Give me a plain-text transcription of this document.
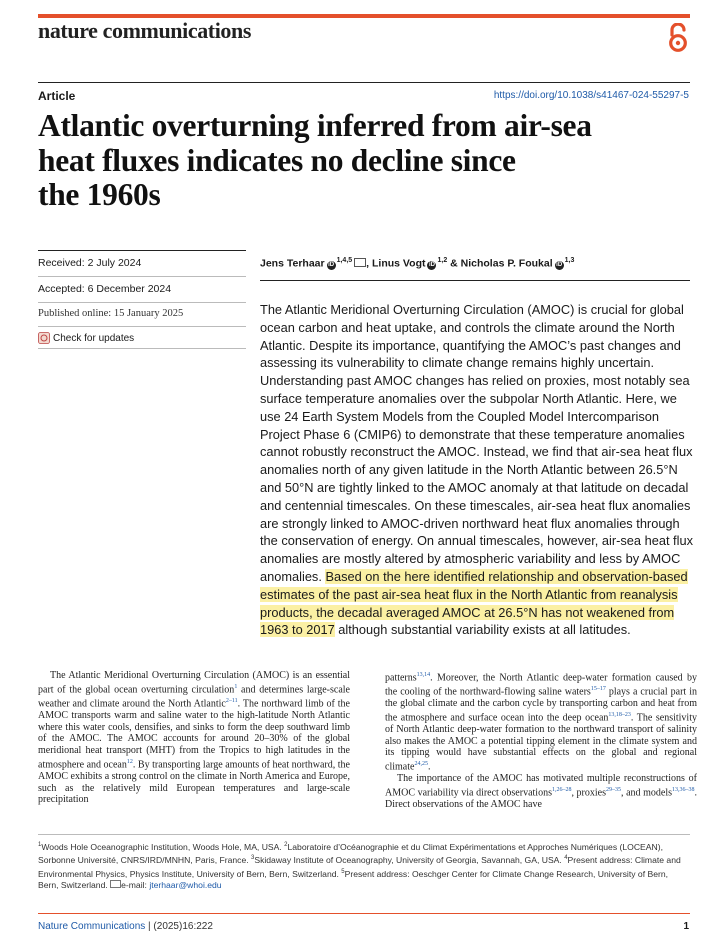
nature communications
Article	https://doi.org/10.1038/s41467-024-55297-5
Atlantic overturning inferred from air-sea
heat fluxes indicates no decline since
the 1960s
Received: 2 July 2024
Accepted: 6 December 2024
Published online: 15 January 2025
Check for updates
Jens Terhaar iD$^{1,4,5}$ , Linus Vogt iD$^{1,2}$ & Nicholas P. Foukal iD$^{1,3}$
The Atlantic Meridional Overturning Circulation (AMOC) is crucial for global ocean carbon and heat uptake, and controls the climate around the North Atlantic. Despite its importance, quantifying the AMOC’s past changes and assessing its vulnerability to climate change remains highly uncertain. Understanding past AMOC changes has relied on proxies, most notably sea surface temperature anomalies over the subpolar North Atlantic. Here, we use 24 Earth System Models from the Coupled Model Intercomparison Project Phase 6 (CMIP6) to demonstrate that these temperature anomalies cannot robustly reconstruct the AMOC. Instead, we find that air-sea heat flux anomalies north of any given latitude in the North Atlantic between 26.5°N and 50°N are tightly linked to the AMOC anomaly at that latitude on decadal and centennial timescales. On these timescales, air-sea heat flux anomalies are strongly linked to AMOC-driven northward heat flux anomalies through the conservation of energy. On annual timescales, however, air-sea heat flux anomalies are mostly altered by atmospheric variability and less by AMOC anomalies. Based on the here identified relationship and observation-based estimates of the past air-sea heat flux in the North Atlantic from reanalysis products, the decadal averaged AMOC at 26.5°N has not weakened from 1963 to 2017 although substantial variability exists at all latitudes.

The Atlantic Meridional Overturning Circulation (AMOC) is an essential part of the global ocean overturning circulation$^1$ and determines large-scale weather and climate around the North Atlantic$^{2-11}$. The northward limb of the AMOC transports warm and saline water to the high-latitude North Atlantic where this water cools, densifies, and sinks to form the deep southward limb of the AMOC. The AMOC accounts for around 20–30% of the global meridional heat transport (MHT) from the Tropics to high latitudes in the atmosphere and ocean$^{12}$. By transporting large amounts of heat northward, the AMOC exhibits a strong control on the climate in North America and Europe, such as the relatively mild European temperatures and large-scale precipitation

patterns$^{13,14}$. Moreover, the North Atlantic deep-water formation caused by the cooling of the northward-flowing saline waters$^{15-17}$ plays a crucial part in the global climate and the carbon cycle by transporting carbon and heat from the atmosphere and surface ocean into the deep ocean$^{13,18-23}$. The sensitivity of North Atlantic deep-water formation to the northward transport of salinity also makes the AMOC a potential tipping element in the climate system and its tipping would have substantial effects on the global and regional climate$^{24,25}$.

The importance of the AMOC has motivated multiple reconstructions of AMOC variability via direct observations$^{1,26-28}$, proxies$^{29-35}$, and models$^{13,36-38}$. Direct observations of the AMOC have

$^1$Woods Hole Oceanographic Institution, Woods Hole, MA, USA. $^2$Laboratoire d’Océanographie et du Climat Expérimentations et Approches Numériques (LOCEAN), Sorbonne Université, CNRS/IRD/MNHN, Paris, France. $^3$Skidaway Institute of Oceanography, University of Georgia, Savannah, GA, USA. $^4$Present address: Climate and Environmental Physics, Physics Institute, University of Bern, Bern, Switzerland. $^5$Present address: Oeschger Center for Climate Change Research, University of Bern, Bern, Switzerland. e-mail: jterhaar@whoi.edu
Nature Communications | (2025)16:222	1
